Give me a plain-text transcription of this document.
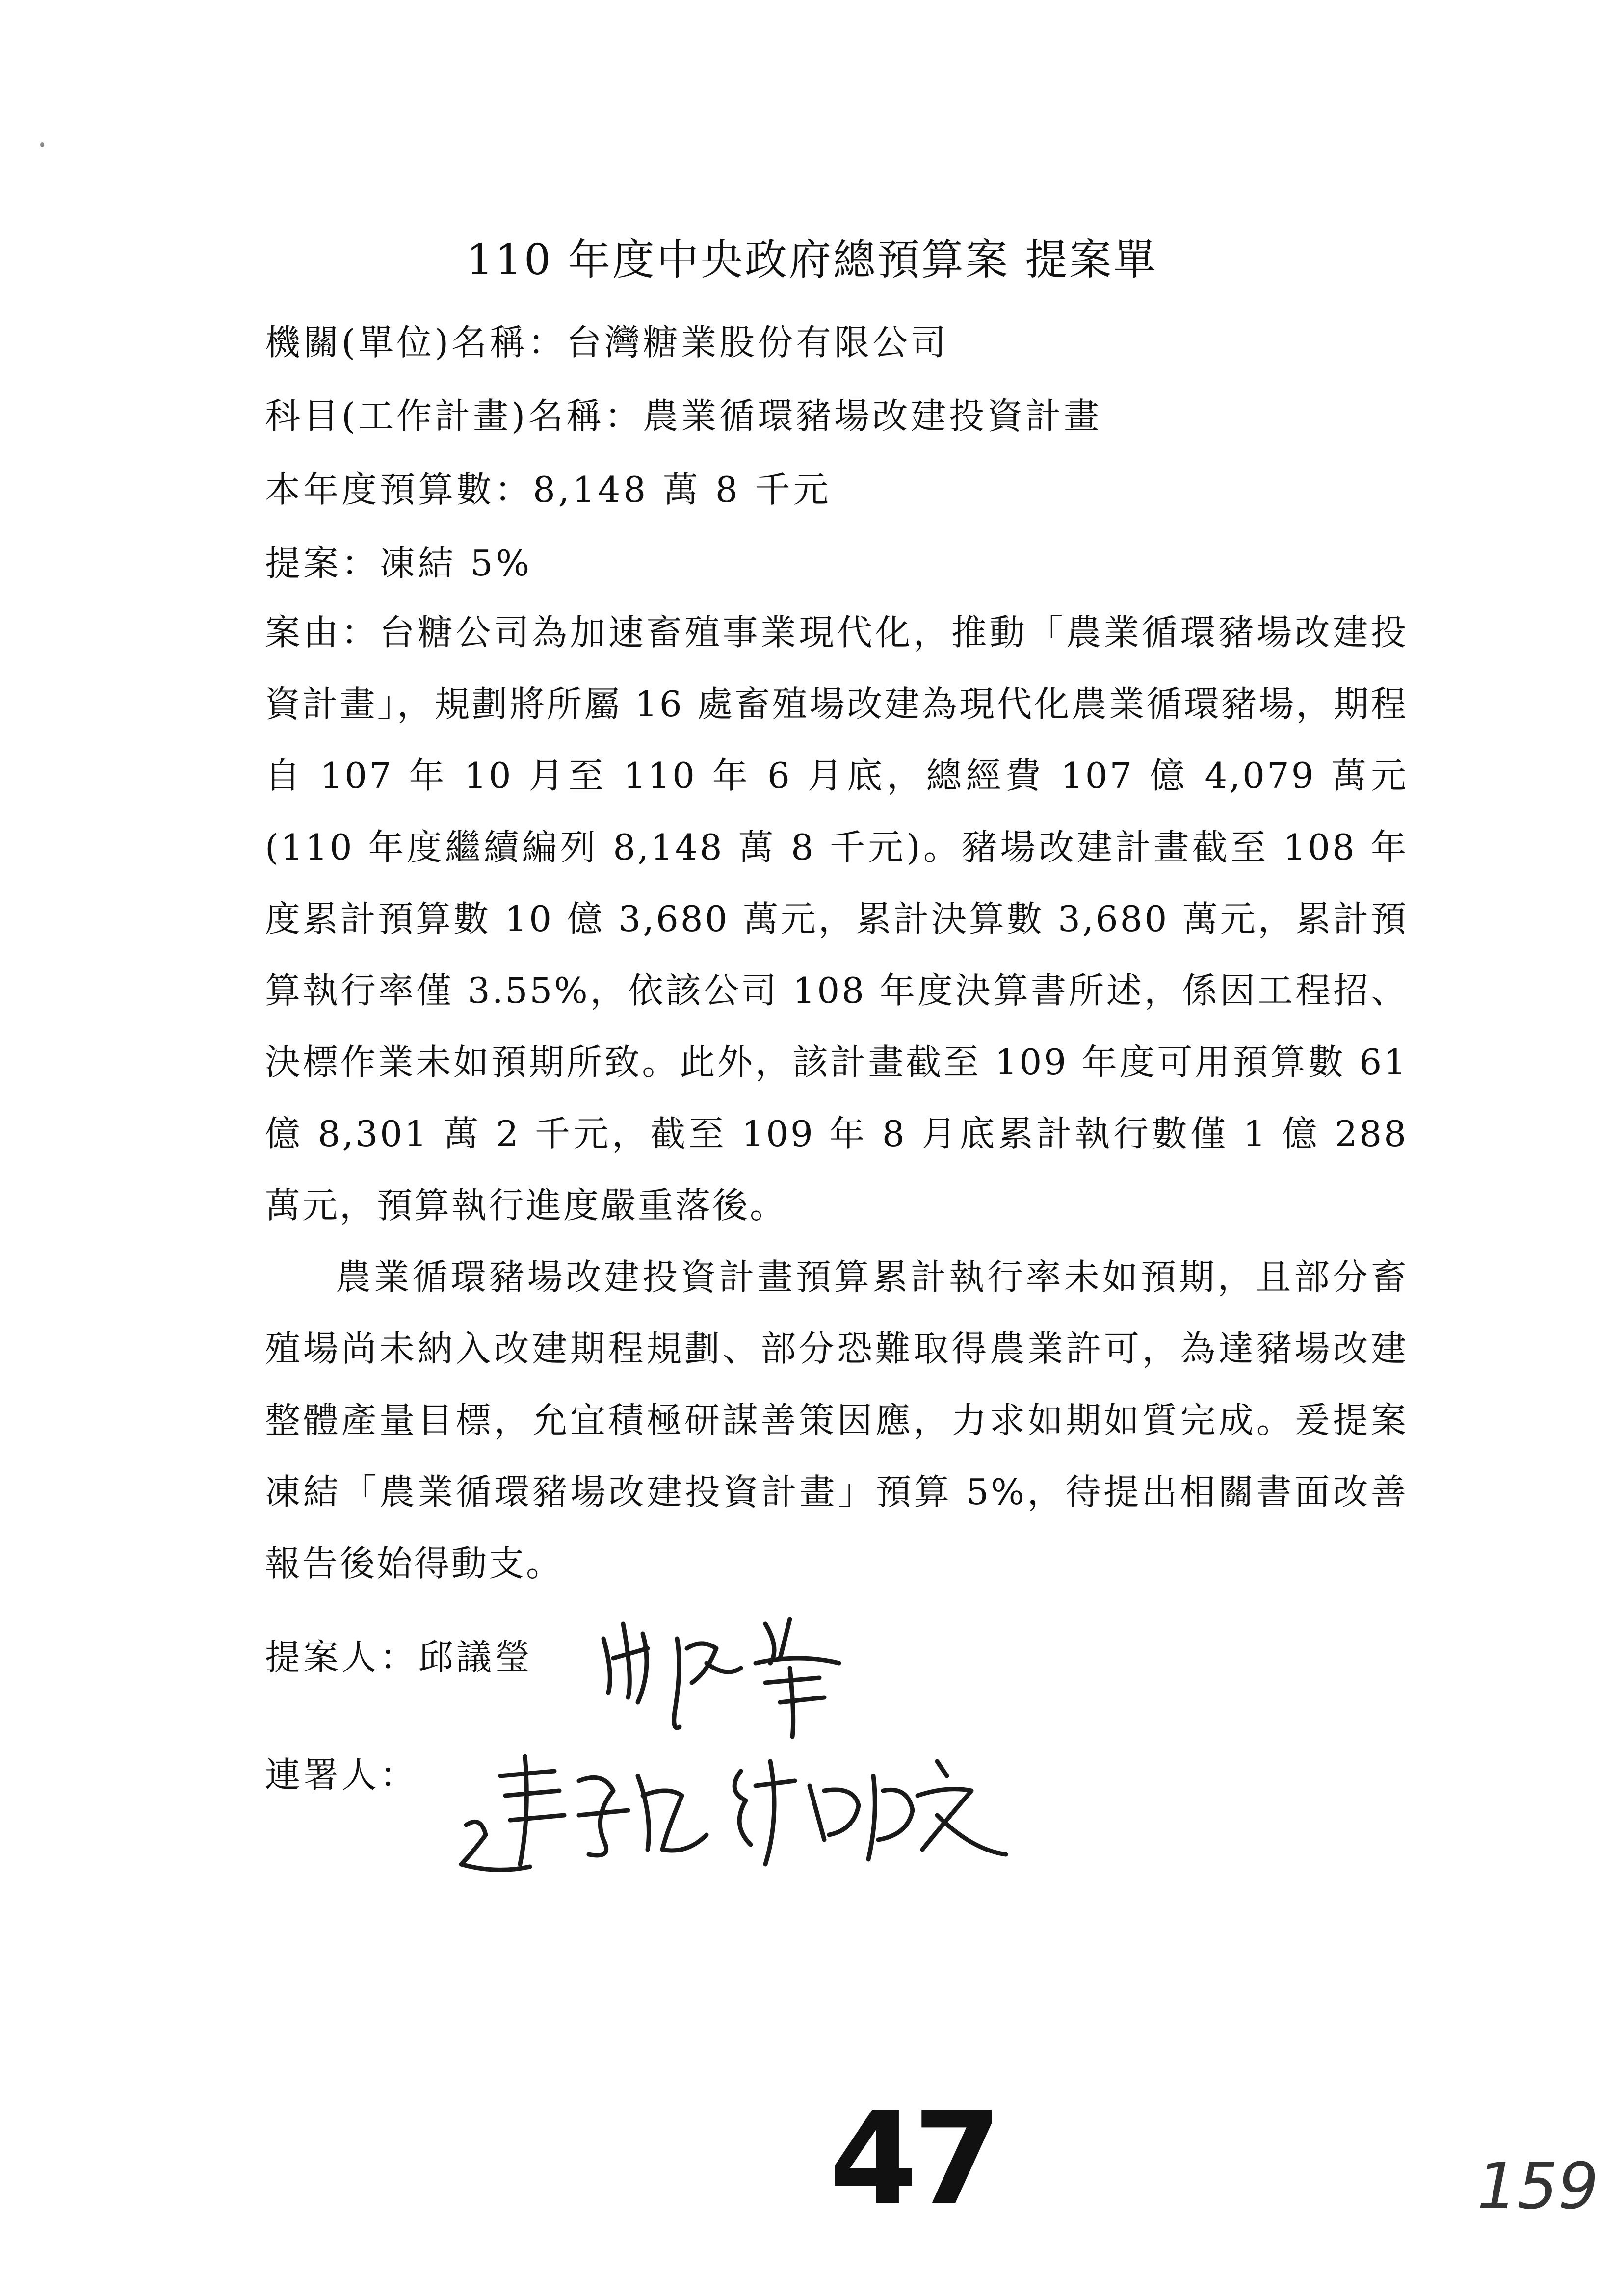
110 年度中央政府總預算案 提案單
機關(單位)名稱：台灣糖業股份有限公司
科目(工作計畫)名稱：農業循環豬場改建投資計畫
本年度預算數：8,148 萬 8 千元
提案：凍結 5%

案由：台糖公司為加速畜殖事業現代化，推動「農業循環豬場改建投資計畫」，規劃將所屬 16 處畜殖場改建為現代化農業循環豬場，期程自 107 年 10 月至 110 年 6 月底，總經費 107 億 4,079 萬元(110 年度繼續編列 8,148 萬 8 千元)。豬場改建計畫截至 108 年度累計預算數 10 億 3,680 萬元，累計決算數 3,680 萬元，累計預算執行率僅 3.55%，依該公司 108 年度決算書所述，係因工程招、決標作業未如預期所致。此外，該計畫截至 109 年度可用預算數 61 億 8,301 萬 2 千元，截至 109 年 8 月底累計執行數僅 1 億 288 萬元，預算執行進度嚴重落後。

農業循環豬場改建投資計畫預算累計執行率未如預期，且部分畜殖場尚未納入改建期程規劃、部分恐難取得農業許可，為達豬場改建整體產量目標，允宜積極研謀善策因應，力求如期如質完成。爰提案凍結「農業循環豬場改建投資計畫」預算 5%，待提出相關書面改善報告後始得動支。

提案人：邱議瑩
連署人：
47	159
